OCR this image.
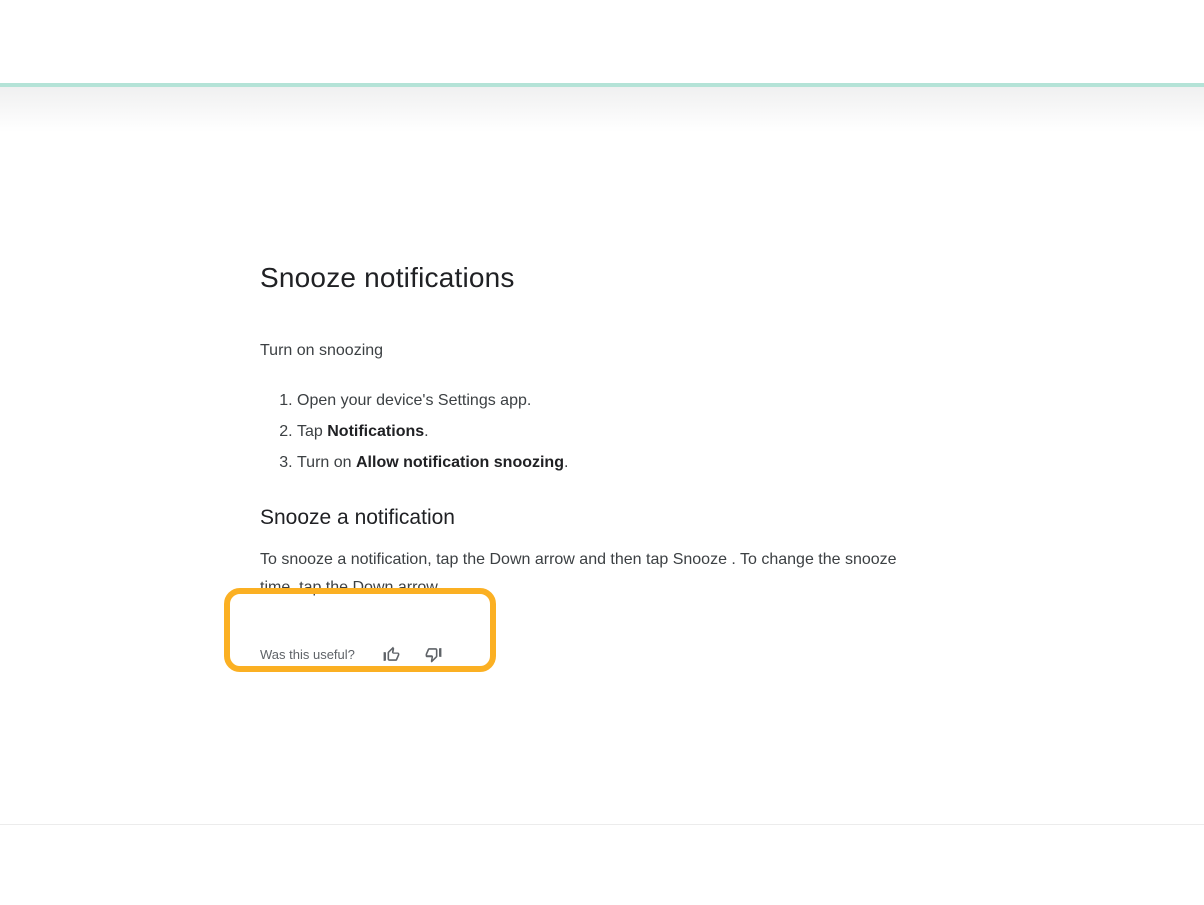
Snooze notifications

Turn on snoozing

1. Open your device's Settings app.
2. Tap Notifications.
3. Turn on Allow notification snoozing.
Snooze a notification

To snooze a notification, tap the Down arrow and then tap Snooze . To change the snooze time, tap the Down arrow.

Was this useful?
